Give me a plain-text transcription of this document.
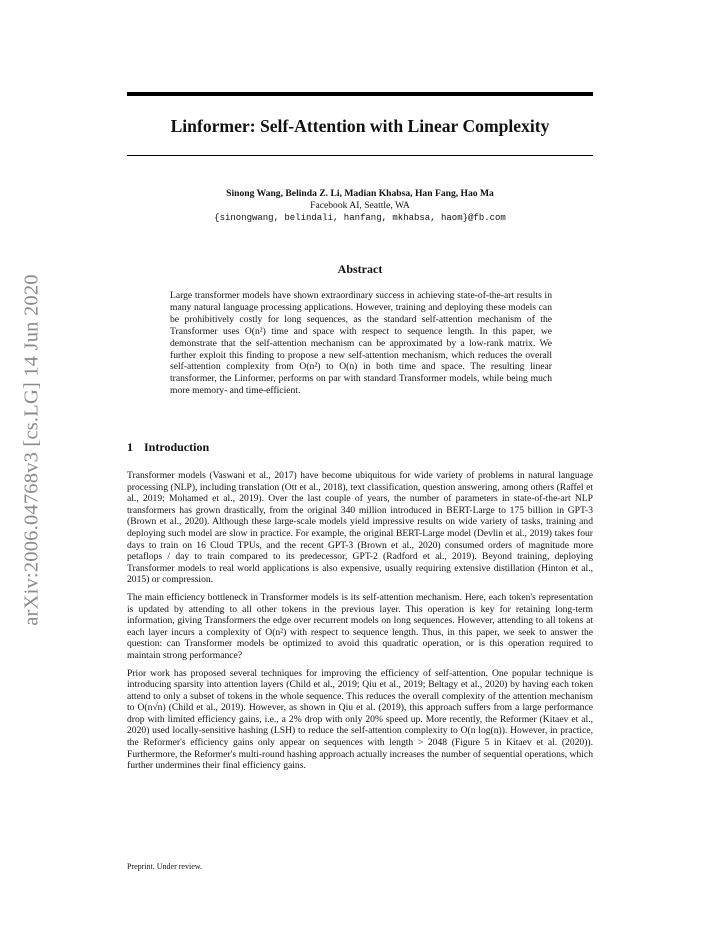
Linformer: Self-Attention with Linear Complexity
arXiv:2006.04768v3 [cs.LG] 14 Jun 2020
Sinong Wang, Belinda Z. Li, Madian Khabsa, Han Fang, Hao Ma
Facebook AI, Seattle, WA
{sinongwang, belindali, hanfang, mkhabsa, haom}@fb.com
Abstract
Large transformer models have shown extraordinary success in achieving state-of-the-art results in many natural language processing applications. However, training and deploying these models can be prohibitively costly for long sequences, as the standard self-attention mechanism of the Transformer uses O(n²) time and space with respect to sequence length. In this paper, we demonstrate that the self-attention mechanism can be approximated by a low-rank matrix. We further exploit this finding to propose a new self-attention mechanism, which reduces the overall self-attention complexity from O(n²) to O(n) in both time and space. The resulting linear transformer, the Linformer, performs on par with standard Transformer models, while being much more memory- and time-efficient.
1 Introduction

Transformer models (Vaswani et al., 2017) have become ubiquitous for wide variety of problems in natural language processing (NLP), including translation (Ott et al., 2018), text classification, question answering, among others (Raffel et al., 2019; Mohamed et al., 2019). Over the last couple of years, the number of parameters in state-of-the-art NLP transformers has grown drastically, from the original 340 million introduced in BERT-Large to 175 billion in GPT-3 (Brown et al., 2020). Although these large-scale models yield impressive results on wide variety of tasks, training and deploying such model are slow in practice. For example, the original BERT-Large model (Devlin et al., 2019) takes four days to train on 16 Cloud TPUs, and the recent GPT-3 (Brown et al., 2020) consumed orders of magnitude more petaflops / day to train compared to its predecessor, GPT-2 (Radford et al., 2019). Beyond training, deploying Transformer models to real world applications is also expensive, usually requiring extensive distillation (Hinton et al., 2015) or compression.

The main efficiency bottleneck in Transformer models is its self-attention mechanism. Here, each token's representation is updated by attending to all other tokens in the previous layer. This operation is key for retaining long-term information, giving Transformers the edge over recurrent models on long sequences. However, attending to all tokens at each layer incurs a complexity of O(n²) with respect to sequence length. Thus, in this paper, we seek to answer the question: can Transformer models be optimized to avoid this quadratic operation, or is this operation required to maintain strong performance?

Prior work has proposed several techniques for improving the efficiency of self-attention. One popular technique is introducing sparsity into attention layers (Child et al., 2019; Qiu et al., 2019; Beltagy et al., 2020) by having each token attend to only a subset of tokens in the whole sequence. This reduces the overall complexity of the attention mechanism to O(n√n) (Child et al., 2019). However, as shown in Qiu et al. (2019), this approach suffers from a large performance drop with limited efficiency gains, i.e., a 2% drop with only 20% speed up. More recently, the Reformer (Kitaev et al., 2020) used locally-sensitive hashing (LSH) to reduce the self-attention complexity to O(n log(n)). However, in practice, the Reformer's efficiency gains only appear on sequences with length > 2048 (Figure 5 in Kitaev et al. (2020)). Furthermore, the Reformer's multi-round hashing approach actually increases the number of sequential operations, which further undermines their final efficiency gains.

Preprint. Under review.
